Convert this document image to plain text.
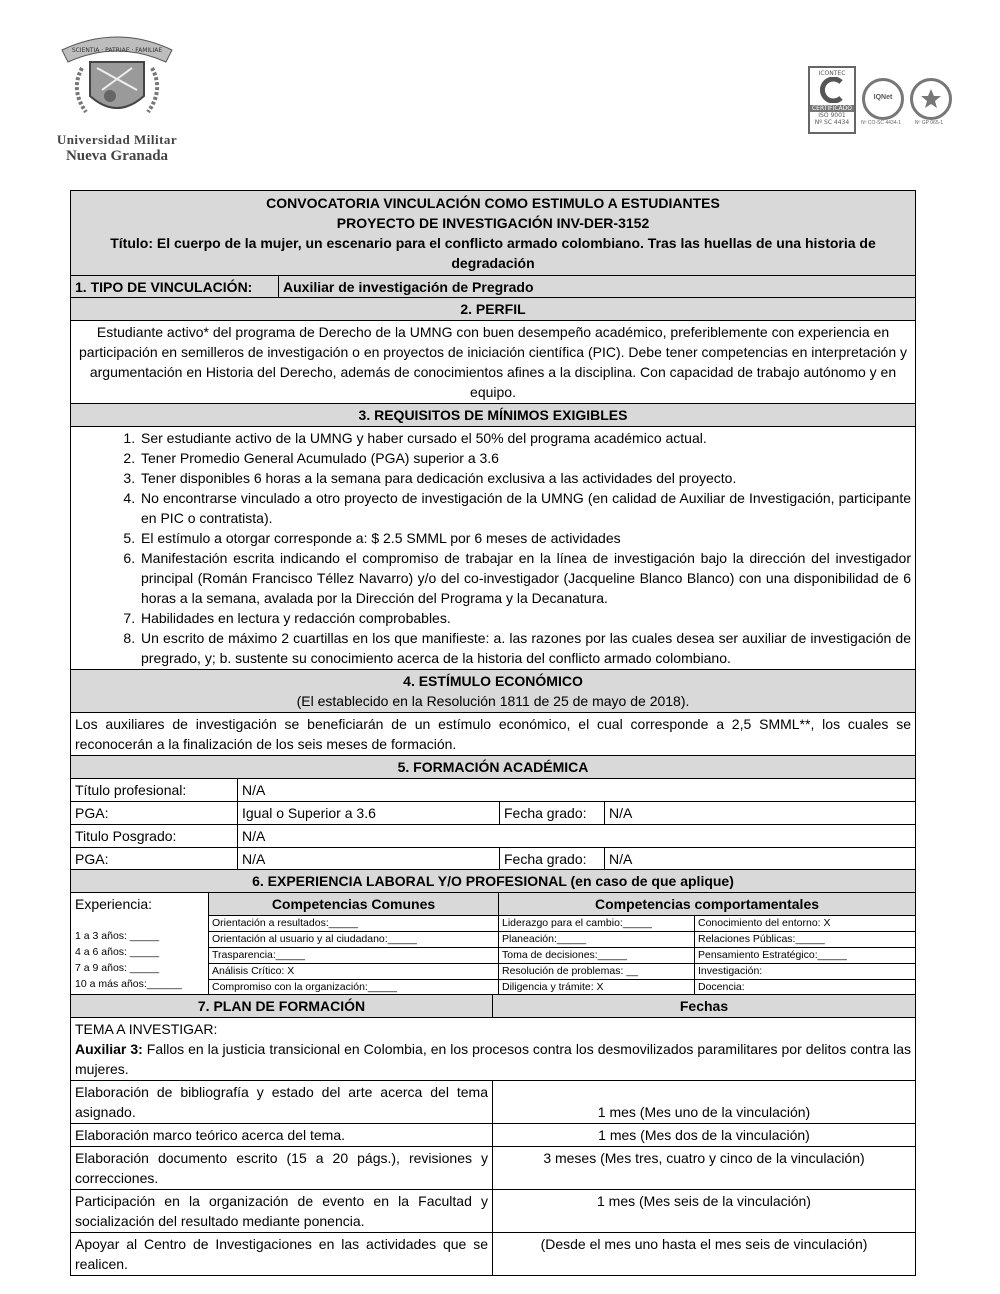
SCIENTIA · PATRIAE · FAMILIAE
Universidad Militar
Nueva Granada
ICONTEC
CERTIFICADO
ISO 9001
Nº SC 4434
IQNet
Nº CO-SC 4434-1	Nº GP 065-1
CONVOCATORIA VINCULACIÓN COMO ESTIMULO A ESTUDIANTES
PROYECTO DE INVESTIGACIÓN INV-DER-3152
Título: El cuerpo de la mujer, un escenario para el conflicto armado colombiano. Tras las huellas de una historia de degradación
1. TIPO DE VINCULACIÓN:	Auxiliar de investigación de Pregrado
2. PERFIL
Estudiante activo* del programa de Derecho de la UMNG con buen desempeño académico, preferiblemente con experiencia en participación en semilleros de investigación o en proyectos de iniciación científica (PIC). Debe tener competencias en interpretación y argumentación en Historia del Derecho, además de conocimientos afines a la disciplina. Con capacidad de trabajo autónomo y en equipo.
3. REQUISITOS DE MÍNIMOS EXIGIBLES

1. Ser estudiante activo de la UMNG y haber cursado el 50% del programa académico actual.
2. Tener Promedio General Acumulado (PGA) superior a 3.6
3. Tener disponibles 6 horas a la semana para dedicación exclusiva a las actividades del proyecto.
4. No encontrarse vinculado a otro proyecto de investigación de la UMNG (en calidad de Auxiliar de Investigación, participante en PIC o contratista).
5. El estímulo a otorgar corresponde a: $ 2.5 SMML por 6 meses de actividades
6. Manifestación escrita indicando el compromiso de trabajar en la línea de investigación bajo la dirección del investigador principal (Román Francisco Téllez Navarro) y/o del co-investigador (Jacqueline Blanco Blanco) con una disponibilidad de 6 horas a la semana, avalada por la Dirección del Programa y la Decanatura.
7. Habilidades en lectura y redacción comprobables.
8. Un escrito de máximo 2 cuartillas en los que manifieste: a. las razones por las cuales desea ser auxiliar de investigación de pregrado, y; b. sustente su conocimiento acerca de la historia del conflicto armado colombiano.

4. ESTÍMULO ECONÓMICO
(El establecido en la Resolución 1811 de 25 de mayo de 2018).

Los auxiliares de investigación se beneficiarán de un estímulo económico, el cual corresponde a 2,5 SMML**, los cuales se reconocerán a la finalización de los seis meses de formación.
5. FORMACIÓN ACADÉMICA
Título profesional:	N/A		
PGA:	Igual o Superior a 3.6	Fecha grado:	N/A
Titulo Posgrado:	N/A		
PGA:	N/A	Fecha grado:	N/A
6. EXPERIENCIA LABORAL Y/O PROFESIONAL (en caso de que aplique)
Experiencia:
1 a 3 años: _____
4 a 6 años: _____
7 a 9 años: _____
10 a más años:______	Competencias Comunes	Competencias comportamentales	
	Orientación a resultados:_____	Liderazgo para el cambio:_____	Conocimiento del entorno: X
	Orientación al usuario y al ciudadano:_____	Planeación:_____	Relaciones Públicas:_____
	Trasparencia:_____	Toma de decisiones:_____	Pensamiento Estratégico:_____
	Análisis Crítico: X	Resolución de problemas: __	Investigación:
	Compromiso con la organización:_____	Diligencia y trámite: X	Docencia:
7. PLAN DE FORMACIÓN	Fechas

TEMA A INVESTIGAR:
Auxiliar 3: Fallos en la justicia transicional en Colombia, en los procesos contra los desmovilizados paramilitares por delitos contra las mujeres.	

Elaboración de bibliografía y estado del arte acerca del tema asignado.	1 mes (Mes uno de la vinculación)
Elaboración marco teórico acerca del tema.	1 mes (Mes dos de la vinculación)
Elaboración documento escrito (15 a 20 págs.), revisiones y correcciones.	3 meses (Mes tres, cuatro y cinco de la vinculación)
Participación en la organización de evento en la Facultad y socialización del resultado mediante ponencia.	1 mes (Mes seis de la vinculación)
Apoyar al Centro de Investigaciones en las actividades que se realicen.	(Desde el mes uno hasta el mes seis de vinculación)
